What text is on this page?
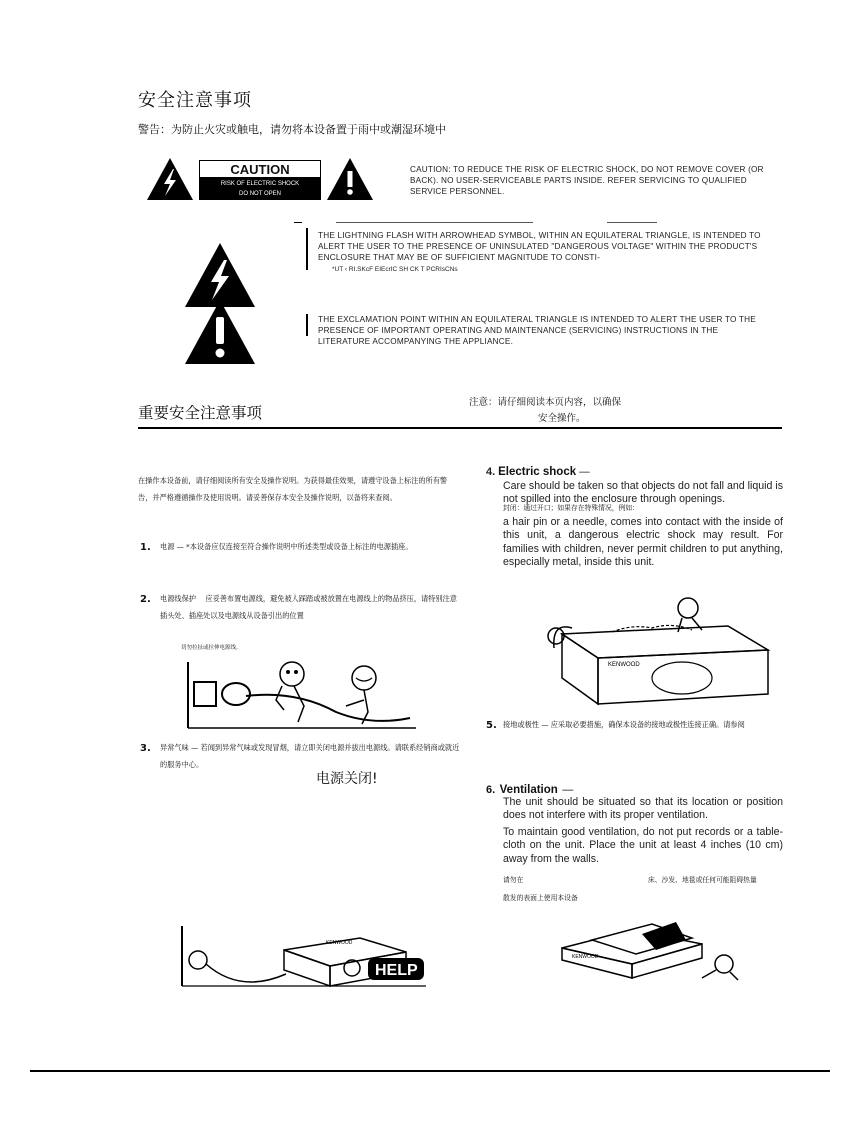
安全注意事项
警告：为防止火灾或触电，请勿将本设备置于雨中或潮湿环境中
CAUTION
RISK OF ELECTRIC SHOCK
DO NOT OPEN
CAUTION: TO REDUCE THE RISK OF ELECTRIC SHOCK, DO NOT REMOVE COVER (OR BACK). NO USER-SERVICEABLE PARTS INSIDE. REFER SERVICING TO QUALIFIED SERVICE PERSONNEL.
THE LIGHTNING FLASH WITH ARROWHEAD SYMBOL, WITHIN AN EQUILATERAL TRIANGLE, IS INTENDED TO ALERT THE USER TO THE PRESENCE OF UNINSULATED "DANGEROUS VOLTAGE" WITHIN THE PRODUCT'S ENCLOSURE THAT MAY BE OF SUFFICIENT MAGNITUDE TO CONSTI-
*UT ‹ RI.SKcF EIEcrIC SH CK T PCRIsCNs
THE EXCLAMATION POINT WITHIN AN EQUILATERAL TRIANGLE IS INTENDED TO ALERT THE USER TO THE PRESENCE OF IMPORTANT OPERATING AND MAINTENANCE (SERVICING) INSTRUCTIONS IN THE LITERATURE ACCOMPANYING THE APPLIANCE.
重要安全注意事项
注意：请仔细阅读本页内容，以确保
安全操作。
在操作本设备前，请仔细阅读所有安全及操作说明。为获得最佳效果，请遵守设备上标注的所有警告，并严格遵循操作及使用说明。请妥善保存本安全及操作说明，以备将来查阅。
1. 电源 — *本设备应仅连接至符合操作说明中所述类型或设备上标注的电源插座。
2. 电源线保护　 应妥善布置电源线，避免被人踩踏或被放置在电源线上的物品挤压，请特别注意插头处、插座处以及电源线从设备引出的位置
切勿拉扯或拉伸电源线。
3. 异常气味 — 若闻到异常气味或发现冒烟，请立即关闭电源并拔出电源线。请联系经销商或就近的服务中心。
电源关闭!
4. Electric shock —
Care should be taken so that objects do not fall and liquid is not spilled into the enclosure through openings.
封闭：通过开口；如果存在特殊情况，例如：
a hair pin or a needle, comes into contact with the inside of this unit, a dangerous electric shock may result. For families with children, never permit children to put anything, especially metal, inside this unit.
KENWOOD
5. 接地或极性 — 应采取必要措施，确保本设备的接地或极性连接正确。请参阅
6. Ventilation —
The unit should be situated so that its location or position does not interfere with its proper ventilation.
To maintain good ventilation, do not put records or a table-cloth on the unit. Place the unit at least 4 inches (10 cm) away from the walls.
请勿在	床、沙发、地毯或任何可能阻碍热量
散发的表面上使用本设备
KENWOOD
HELP
KENWOOD
